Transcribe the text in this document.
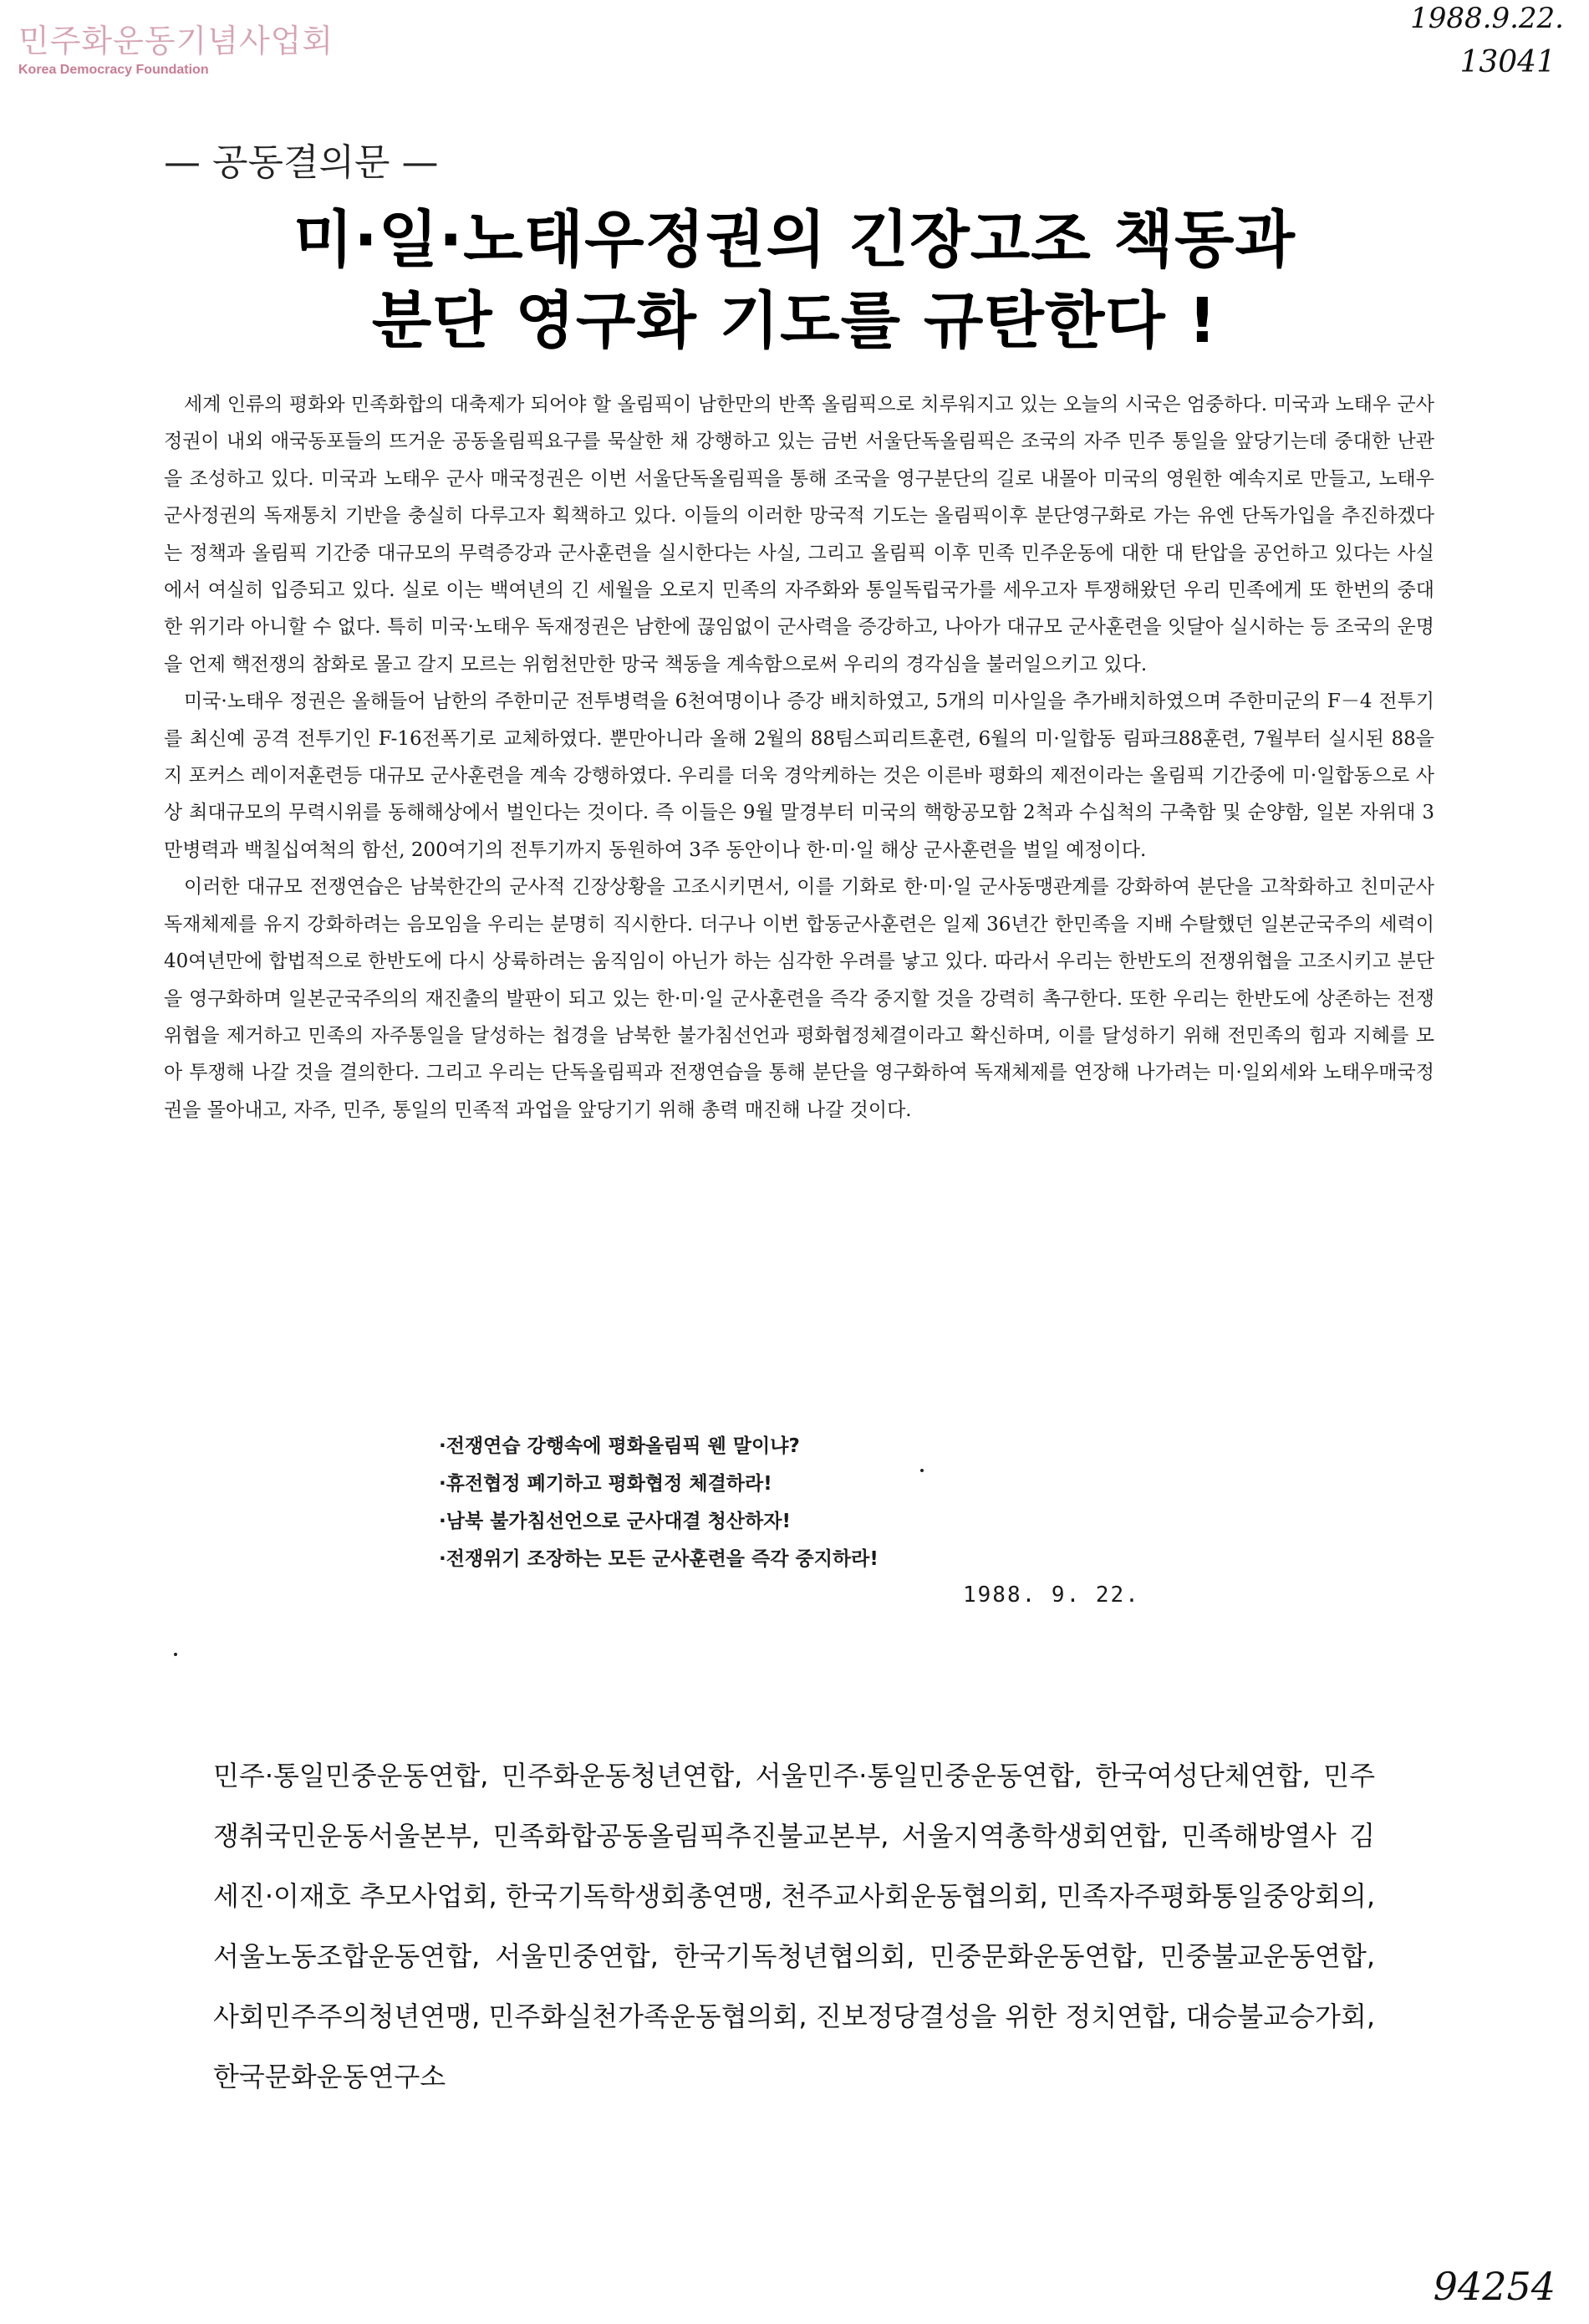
민주화운동기념사업회
Korea Democracy Foundation
1988.9.22.
13041
— 공동결의문 —
미·일·노태우정권의 긴장고조 책동과
분단 영구화 기도를 규탄한다 !

세계 인류의 평화와 민족화합의 대축제가 되어야 할 올림픽이 남한만의 반쪽 올림픽으로 치루워지고 있는 오늘의 시국은 엄중하다. 미국과 노태우 군사정권이 내외 애국동포들의 뜨거운 공동올림픽요구를 묵살한 채 강행하고 있는 금번 서울단독올림픽은 조국의 자주 민주 통일을 앞당기는데 중대한 난관을 조성하고 있다. 미국과 노태우 군사 매국정권은 이번 서울단독올림픽을 통해 조국을 영구분단의 길로 내몰아 미국의 영원한 예속지로 만들고, 노태우 군사정권의 독재통치 기반을 충실히 다루고자 획책하고 있다. 이들의 이러한 망국적 기도는 올림픽이후 분단영구화로 가는 유엔 단독가입을 추진하겠다는 정책과 올림픽 기간중 대규모의 무력증강과 군사훈련을 실시한다는 사실, 그리고 올림픽 이후 민족 민주운동에 대한 대 탄압을 공언하고 있다는 사실에서 여실히 입증되고 있다. 실로 이는 백여년의 긴 세월을 오로지 민족의 자주화와 통일독립국가를 세우고자 투쟁해왔던 우리 민족에게 또 한번의 중대한 위기라 아니할 수 없다. 특히 미국·노태우 독재정권은 남한에 끊임없이 군사력을 증강하고, 나아가 대규모 군사훈련을 잇달아 실시하는 등 조국의 운명을 언제 핵전쟁의 참화로 몰고 갈지 모르는 위험천만한 망국 책동을 계속함으로써 우리의 경각심을 불러일으키고 있다.

미국·노태우 정권은 올해들어 남한의 주한미군 전투병력을 6천여명이나 증강 배치하였고, 5개의 미사일을 추가배치하였으며 주한미군의 F－4 전투기를 최신예 공격 전투기인 F-16전폭기로 교체하였다. 뿐만아니라 올해 2월의 88팀스피리트훈련, 6월의 미·일합동 림파크88훈련, 7월부터 실시된 88을지 포커스 레이저훈련등 대규모 군사훈련을 계속 강행하였다. 우리를 더욱 경악케하는 것은 이른바 평화의 제전이라는 올림픽 기간중에 미·일합동으로 사상 최대규모의 무력시위를 동해해상에서 벌인다는 것이다. 즉 이들은 9월 말경부터 미국의 핵항공모함 2척과 수십척의 구축함 및 순양함, 일본 자위대 3만병력과 백칠십여척의 함선, 200여기의 전투기까지 동원하여 3주 동안이나 한·미·일 해상 군사훈련을 벌일 예정이다.

이러한 대규모 전쟁연습은 남북한간의 군사적 긴장상황을 고조시키면서, 이를 기화로 한·미·일 군사동맹관계를 강화하여 분단을 고착화하고 친미군사독재체제를 유지 강화하려는 음모임을 우리는 분명히 직시한다. 더구나 이번 합동군사훈련은 일제 36년간 한민족을 지배 수탈했던 일본군국주의 세력이 40여년만에 합법적으로 한반도에 다시 상륙하려는 움직임이 아닌가 하는 심각한 우려를 낳고 있다. 따라서 우리는 한반도의 전쟁위협을 고조시키고 분단을 영구화하며 일본군국주의의 재진출의 발판이 되고 있는 한·미·일 군사훈련을 즉각 중지할 것을 강력히 촉구한다. 또한 우리는 한반도에 상존하는 전쟁위협을 제거하고 민족의 자주통일을 달성하는 첩경을 남북한 불가침선언과 평화협정체결이라고 확신하며, 이를 달성하기 위해 전민족의 힘과 지혜를 모아 투쟁해 나갈 것을 결의한다. 그리고 우리는 단독올림픽과 전쟁연습을 통해 분단을 영구화하여 독재체제를 연장해 나가려는 미·일외세와 노태우매국정권을 몰아내고, 자주, 민주, 통일의 민족적 과업을 앞당기기 위해 총력 매진해 나갈 것이다.

·전쟁연습 강행속에 평화올림픽 웬 말이냐?
·휴전협정 폐기하고 평화협정 체결하라!
·남북 불가침선언으로 군사대결 청산하자!
·전쟁위기 조장하는 모든 군사훈련을 즉각 중지하라!
1988. 9. 22.
민주·통일민중운동연합, 민주화운동청년연합, 서울민주·통일민중운동연합, 한국여성단체연합, 민주쟁취국민운동서울본부, 민족화합공동올림픽추진불교본부, 서울지역총학생회연합, 민족해방열사 김세진·이재호 추모사업회, 한국기독학생회총연맹, 천주교사회운동협의회, 민족자주평화통일중앙회의, 서울노동조합운동연합, 서울민중연합, 한국기독청년협의회, 민중문화운동연합, 민중불교운동연합, 사회민주주의청년연맹, 민주화실천가족운동협의회, 진보정당결성을 위한 정치연합, 대승불교승가회, 한국문화운동연구소
94254
